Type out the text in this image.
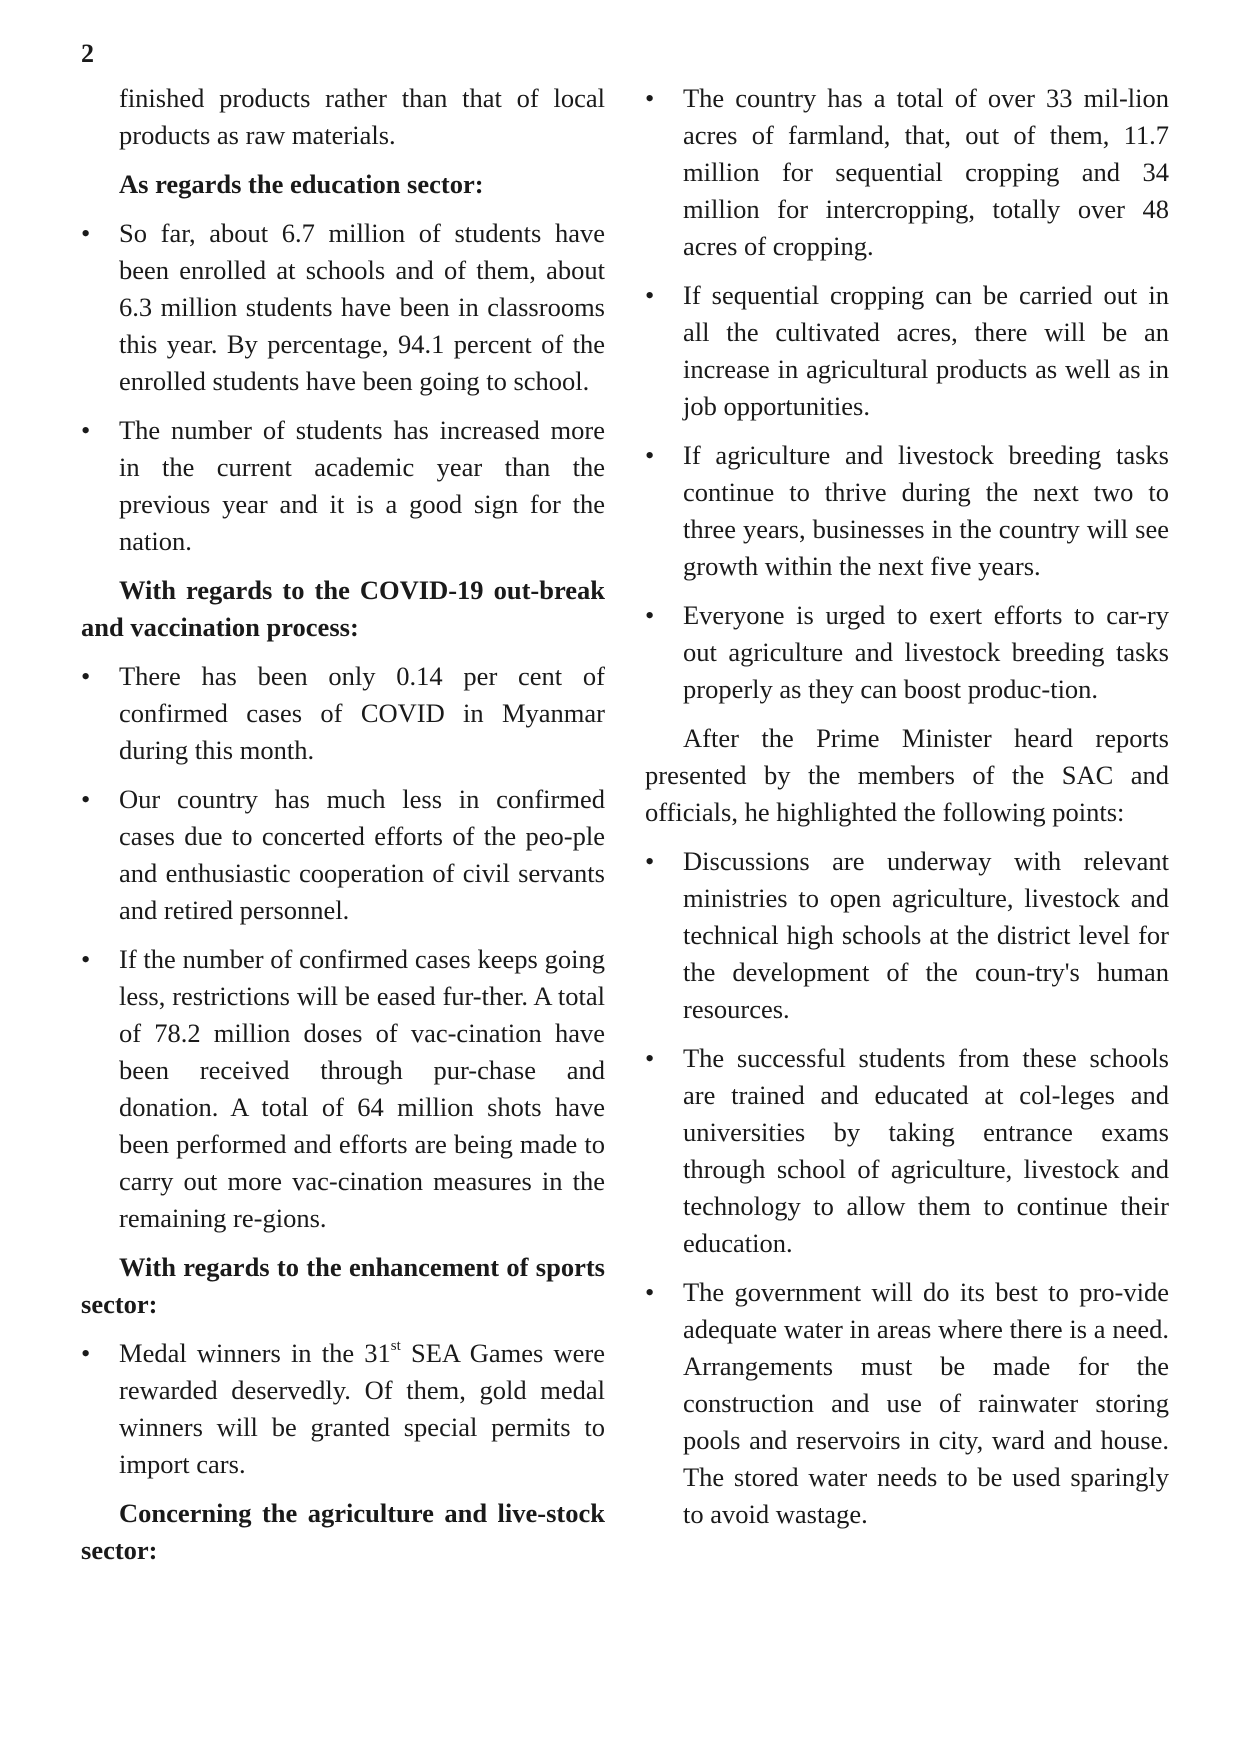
2

finished products rather than that of local products as raw materials.

As regards the education sector:

• So far, about 6.7 million of students have been enrolled at schools and of them, about 6.3 million students have been in classrooms this year. By percentage, 94.1 percent of the enrolled students have been going to school.
• The number of students has increased more in the current academic year than the previous year and it is a good sign for the nation.

With regards to the COVID-19 out-break and vaccination process:

• There has been only 0.14 per cent of confirmed cases of COVID in Myanmar during this month.
• Our country has much less in confirmed cases due to concerted efforts of the peo-ple and enthusiastic cooperation of civil servants and retired personnel.
• If the number of confirmed cases keeps going less, restrictions will be eased fur-ther. A total of 78.2 million doses of vac-cination have been received through pur-chase and donation. A total of 64 million shots have been performed and efforts are being made to carry out more vac-cination measures in the remaining re-gions.

With regards to the enhancement of sports sector:

• Medal winners in the 31st SEA Games were rewarded deservedly. Of them, gold medal winners will be granted special permits to import cars.

Concerning the agriculture and live-stock sector:

• The country has a total of over 33 mil-lion acres of farmland, that, out of them, 11.7 million for sequential cropping and 34 million for intercropping, totally over 48 acres of cropping.
• If sequential cropping can be carried out in all the cultivated acres, there will be an increase in agricultural products as well as in job opportunities.
• If agriculture and livestock breeding tasks continue to thrive during the next two to three years, businesses in the country will see growth within the next five years.
• Everyone is urged to exert efforts to car-ry out agriculture and livestock breeding tasks properly as they can boost produc-tion.

After the Prime Minister heard reports presented by the members of the SAC and officials, he highlighted the following points:

• Discussions are underway with relevant ministries to open agriculture, livestock and technical high schools at the district level for the development of the coun-try's human resources.
• The successful students from these schools are trained and educated at col-leges and universities by taking entrance exams through school of agriculture, livestock and technology to allow them to continue their education.
• The government will do its best to pro-vide adequate water in areas where there is a need. Arrangements must be made for the construction and use of rainwater storing pools and reservoirs in city, ward and house. The stored water needs to be used sparingly to avoid wastage.
